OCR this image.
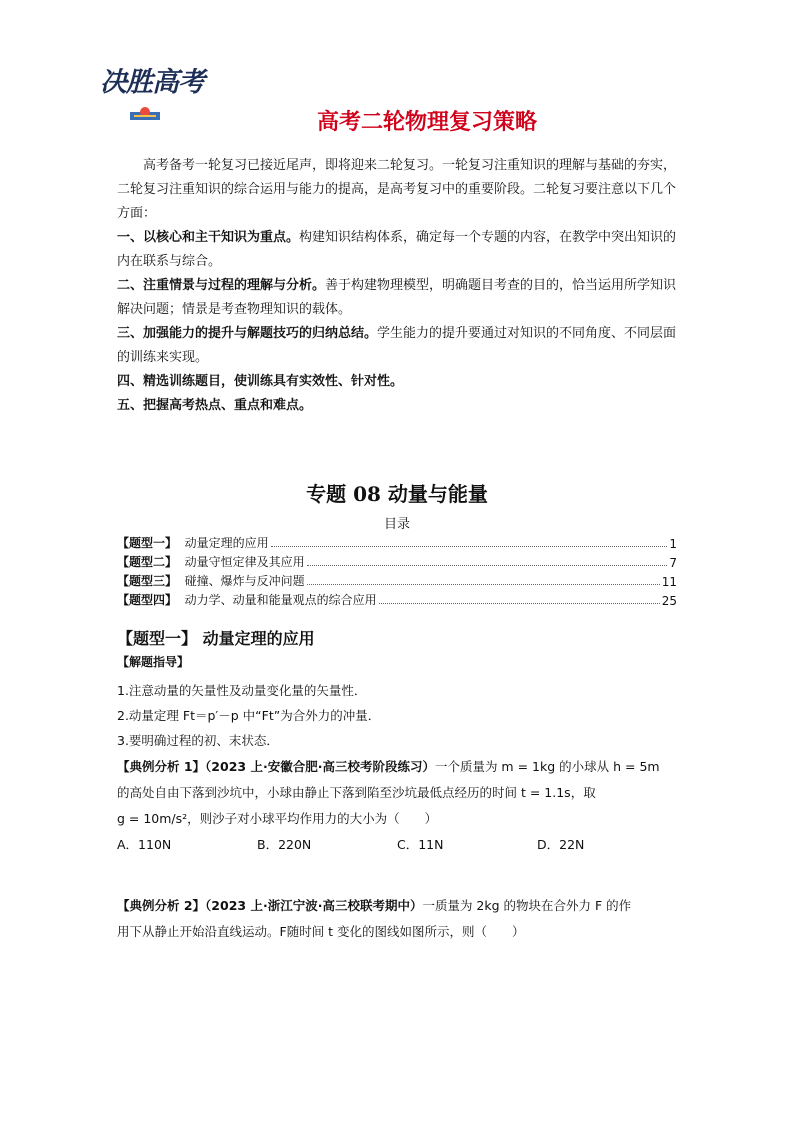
决胜高考
高考二轮物理复习策略

高考备考一轮复习已接近尾声，即将迎来二轮复习。一轮复习注重知识的理解与基础的夯实，二轮复习注重知识的综合运用与能力的提高，是高考复习中的重要阶段。二轮复习要注意以下几个方面：

一、以核心和主干知识为重点。构建知识结构体系，确定每一个专题的内容，在教学中突出知识的内在联系与综合。

二、注重情景与过程的理解与分析。善于构建物理模型，明确题目考查的目的，恰当运用所学知识解决问题；情景是考查物理知识的载体。

三、加强能力的提升与解题技巧的归纳总结。学生能力的提升要通过对知识的不同角度、不同层面的训练来实现。

四、精选训练题目，使训练具有实效性、针对性。

五、把握高考热点、重点和难点。

专题 08 动量与能量
目录
【题型一】 动量定理的应用	1
【题型二】 动量守恒定律及其应用	7
【题型三】 碰撞、爆炸与反冲问题	11
【题型四】 动力学、动量和能量观点的综合应用	25
【题型一】 动量定理的应用
【解题指导】

1.注意动量的矢量性及动量变化量的矢量性．

2.动量定理 Ft＝p′－p 中“Ft”为合外力的冲量．

3.要明确过程的初、末状态．

【典例分析 1】（2023 上·安徽合肥·高三校考阶段练习）一个质量为 m = 1kg 的小球从 h = 5m

的高处自由下落到沙坑中，小球由静止下落到陷至沙坑最低点经历的时间 t = 1.1s，取

g = 10m/s²，则沙子对小球平均作用力的大小为（　　）

A．110N	B．220N	C．11N	D．22N

【典例分析 2】（2023 上·浙江宁波·高三校联考期中）一质量为 2kg 的物块在合外力 F 的作

用下从静止开始沿直线运动。F随时间 t 变化的图线如图所示，则（　　）
